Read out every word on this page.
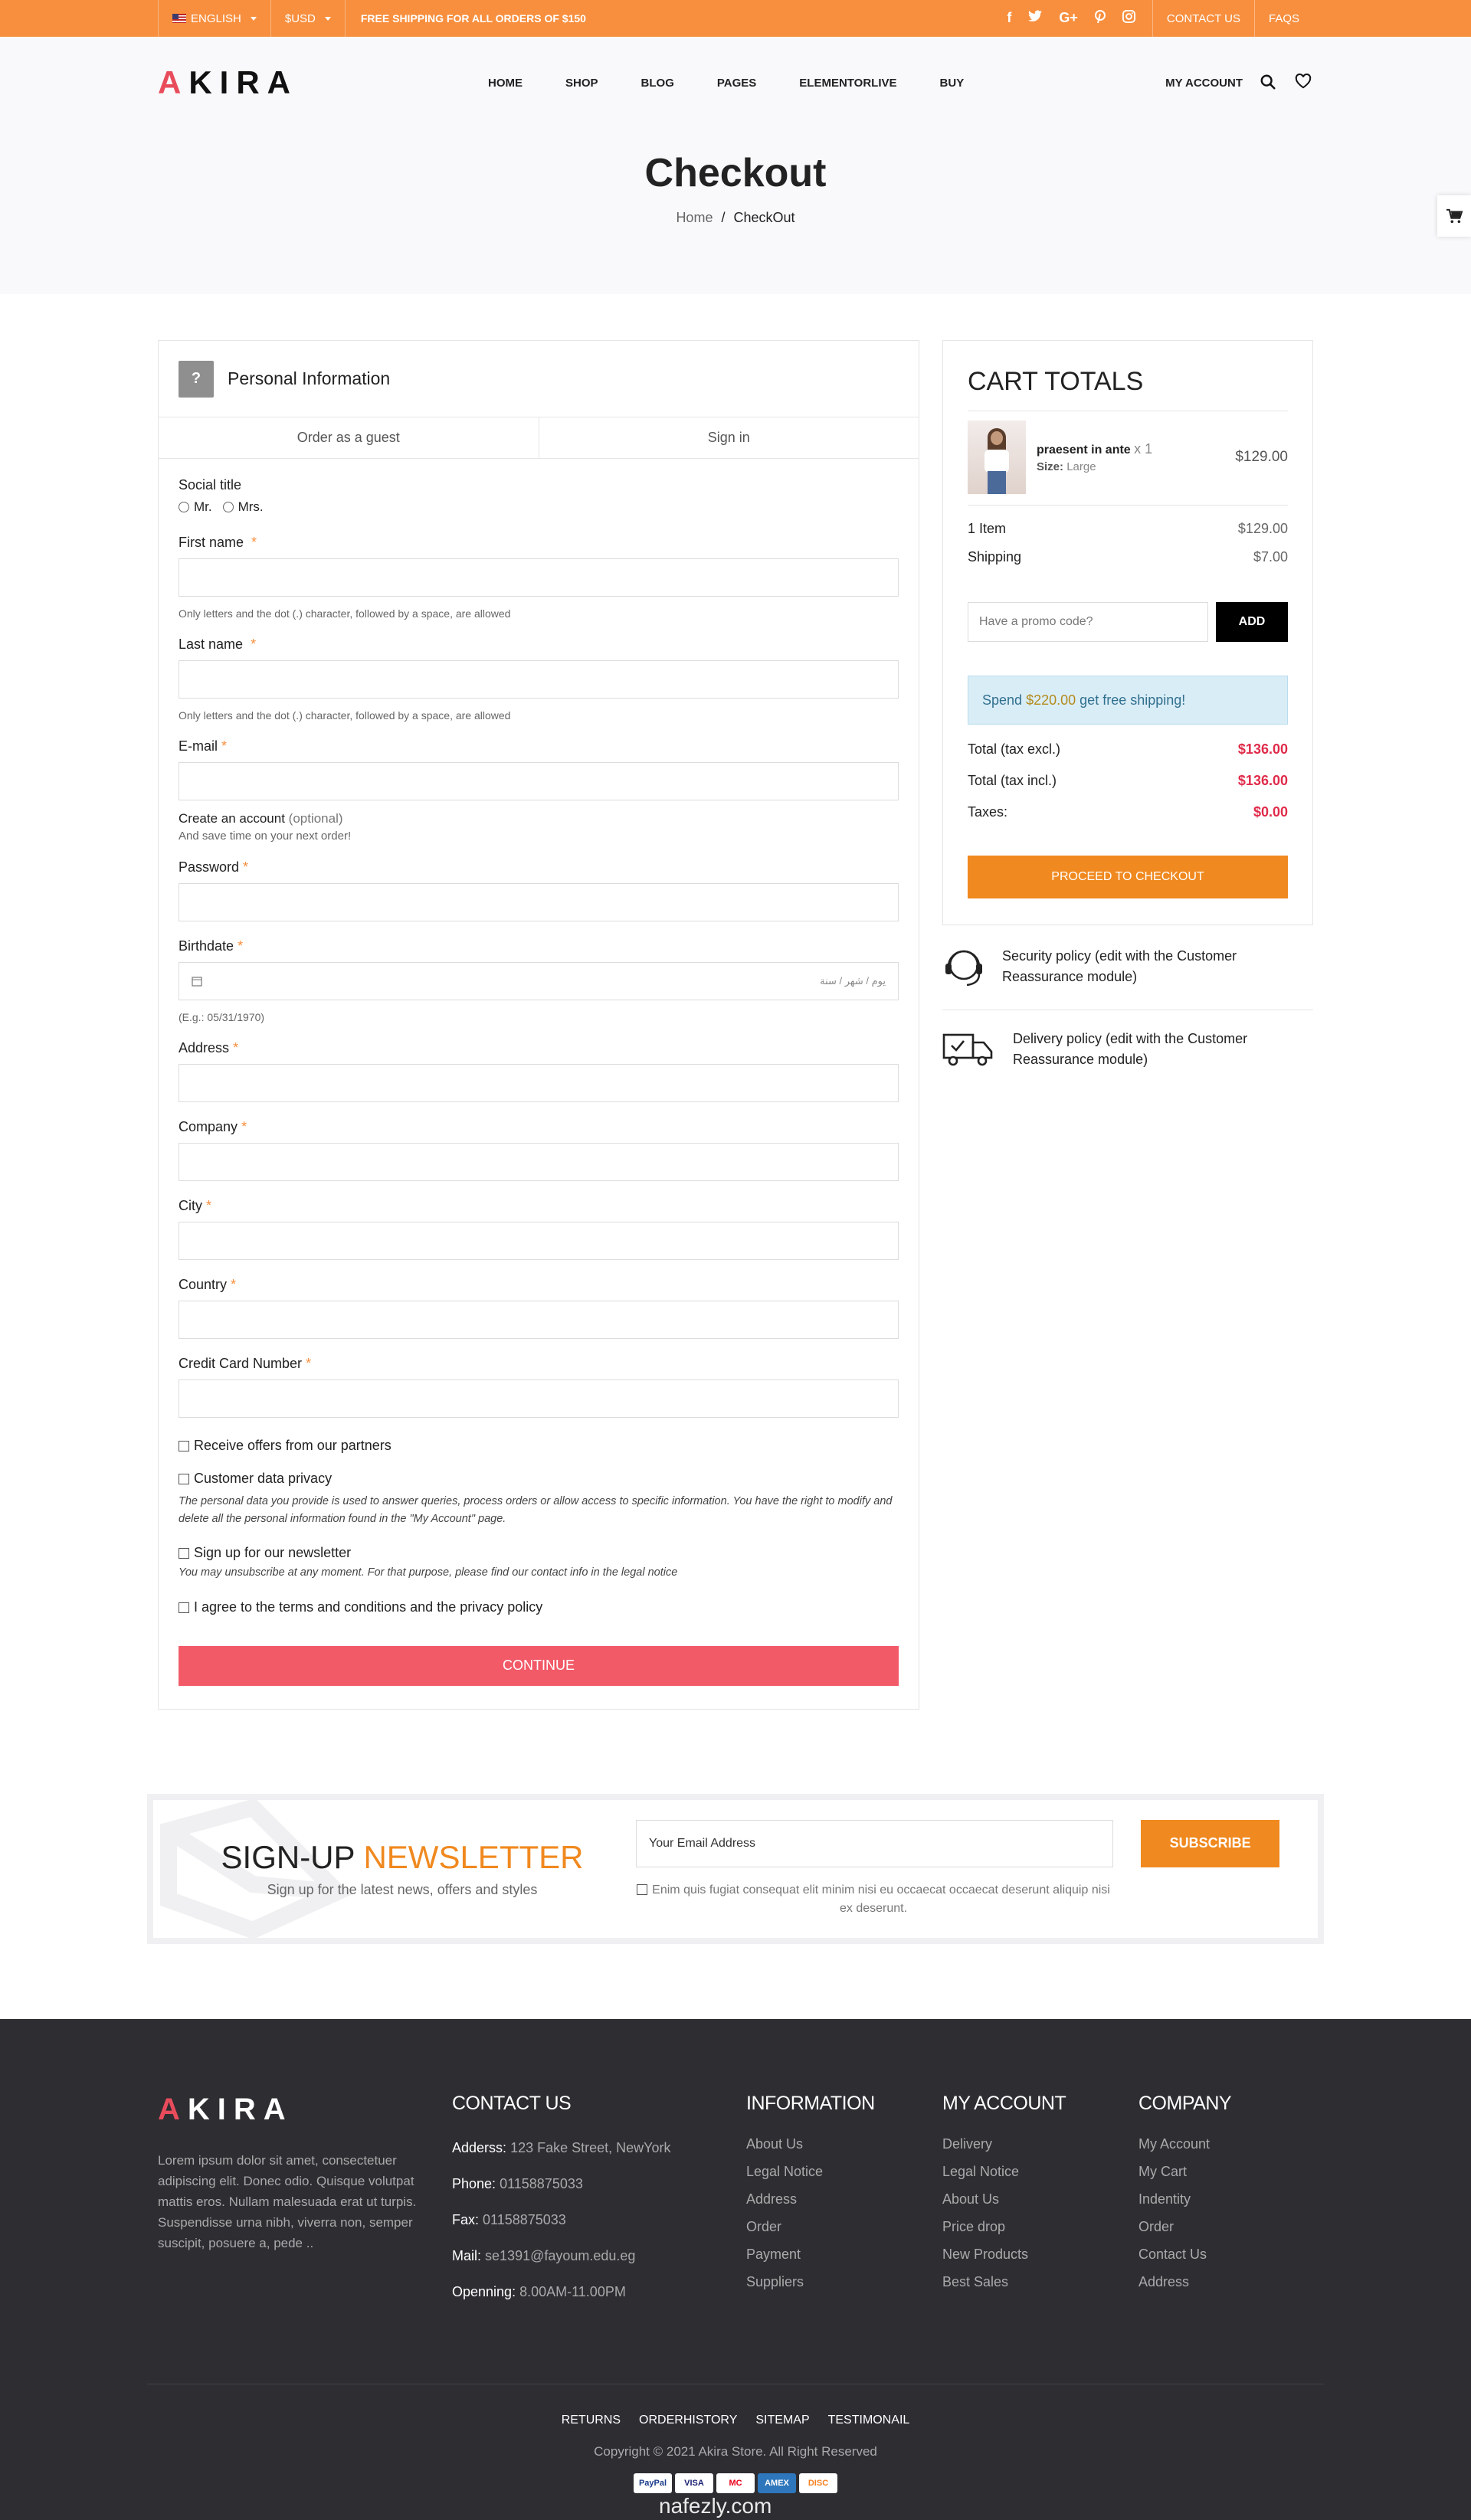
ENGLISH	$USD	FREE SHIPPING FOR ALL ORDERS OF $150	f	G+	CONTACT US	FAQS
A KIRA	HOME	SHOP	BLOG	PAGES	ELEMENTORLIVE	BUY	MY ACCOUNT
Checkout
Home / CheckOut
?	Personal Information
Order as a guest	Sign in
Social title
Mr.	Mrs.
First name *
Only letters and the dot (.) character, followed by a space, are allowed
Last name *
Only letters and the dot (.) character, followed by a space, are allowed
E-mail *
Create an account (optional)
And save time on your next order!
Password *
Birthdate *
يوم / شهر / سنة
(E.g.: 05/31/1970)
Address *
Company *
City *
Country *
Credit Card Number *
Receive offers from our partners
Customer data privacy
The personal data you provide is used to answer queries, process orders or allow access to specific information. You have the right to modify and delete all the personal information found in the "My Account" page.
Sign up for our newsletter
You may unsubscribe at any moment. For that purpose, please find our contact info in the legal notice
I agree to the terms and conditions and the privacy policy
CONTINUE
CART TOTALS
praesent in ante x 1
Size: Large
$129.00
1 Item	$129.00
Shipping	$7.00
Have a promo code?	ADD
Spend
$220.00
get free shipping!
Total (tax excl.)	$136.00
Total (tax incl.)	$136.00
Taxes:	$0.00
PROCEED TO CHECKOUT
Security policy (edit with the Customer Reassurance module)
Delivery policy (edit with the Customer Reassurance module)
SIGN-UP NEWSLETTER
Sign up for the latest news, offers and styles
Your Email Address	SUBSCRIBE
Enim quis fugiat consequat elit minim nisi eu occaecat occaecat deserunt aliquip nisi ex deserunt.
A KIRA
Lorem ipsum dolor sit amet, consectetuer adipiscing elit. Donec odio. Quisque volutpat mattis eros. Nullam malesuada erat ut turpis. Suspendisse urna nibh, viverra non, semper suscipit, posuere a, pede ..
CONTACT US
Adderss: 123 Fake Street, NewYork
Phone: 01158875033
Fax: 01158875033
Mail: se1391@fayoum.edu.eg
Openning: 8.00AM-11.00PM
INFORMATION
About Us
Legal Notice
Address
Order
Payment
Suppliers
MY ACCOUNT
Delivery
Legal Notice
About Us
Price drop
New Products
Best Sales
COMPANY
My Account
My Cart
Indentity
Order
Contact Us
Address
RETURNS ORDERHISTORY SITEMAP TESTIMONAIL
Copyright © 2021 Akira Store. All Right Reserved
PayPal	VISA	MC	AMEX	DISC
nafezly.com
